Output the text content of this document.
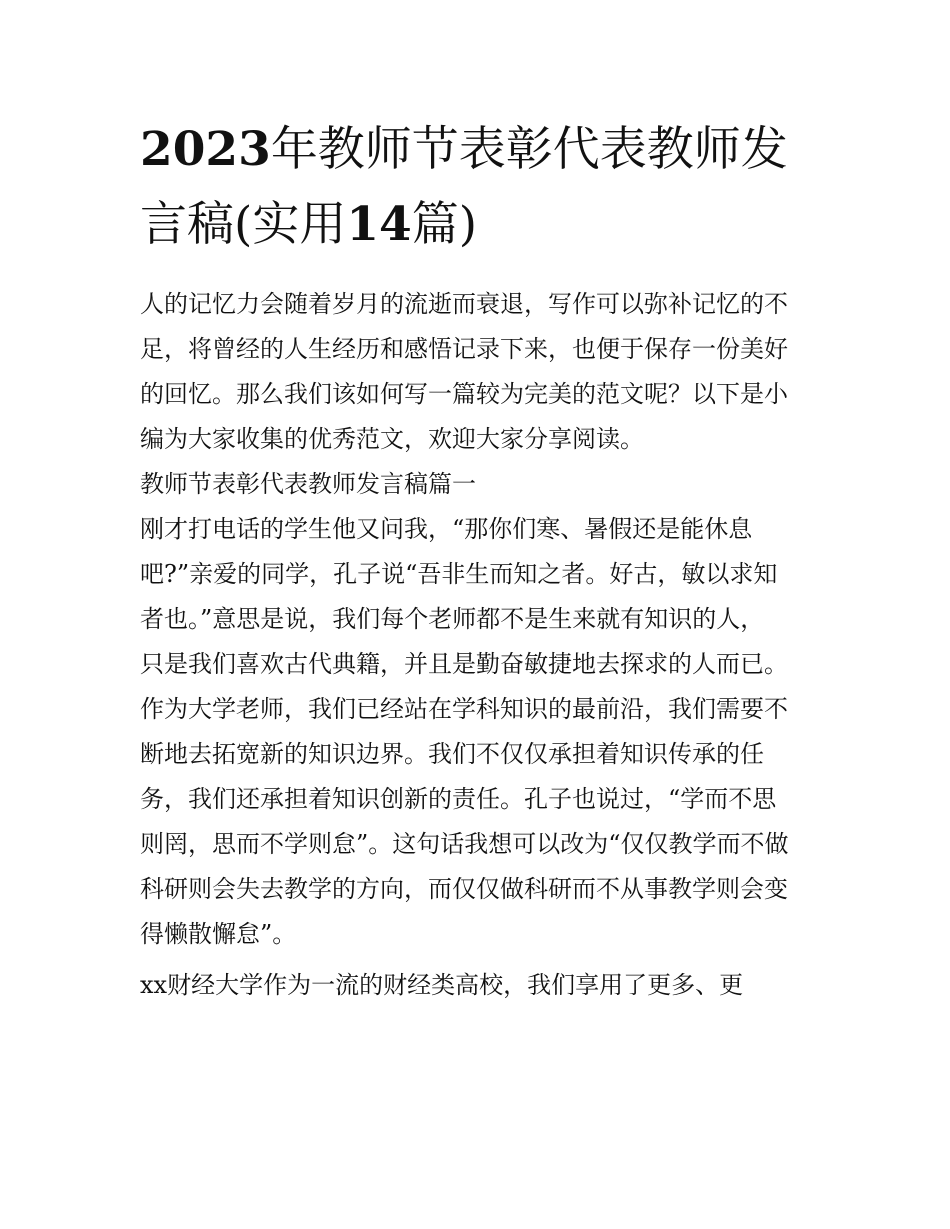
2023年教师节表彰代表教师发
言稿(实用14篇)
人的记忆力会随着岁月的流逝而衰退，写作可以弥补记忆的不
足，将曾经的人生经历和感悟记录下来，也便于保存一份美好
的回忆。那么我们该如何写一篇较为完美的范文呢？以下是小
编为大家收集的优秀范文，欢迎大家分享阅读。
教师节表彰代表教师发言稿篇一
刚才打电话的学生他又问我，“那你们寒、暑假还是能休息
吧?”亲爱的同学，孔子说“吾非生而知之者。好古，敏以求知
者也。”意思是说，我们每个老师都不是生来就有知识的人，
只是我们喜欢古代典籍，并且是勤奋敏捷地去探求的人而已。
作为大学老师，我们已经站在学科知识的最前沿，我们需要不
断地去拓宽新的知识边界。我们不仅仅承担着知识传承的任
务，我们还承担着知识创新的责任。孔子也说过，“学而不思
则罔，思而不学则怠”。这句话我想可以改为“仅仅教学而不做
科研则会失去教学的方向，而仅仅做科研而不从事教学则会变
得懒散懈怠”。
xx财经大学作为一流的财经类高校，我们享用了更多、更
